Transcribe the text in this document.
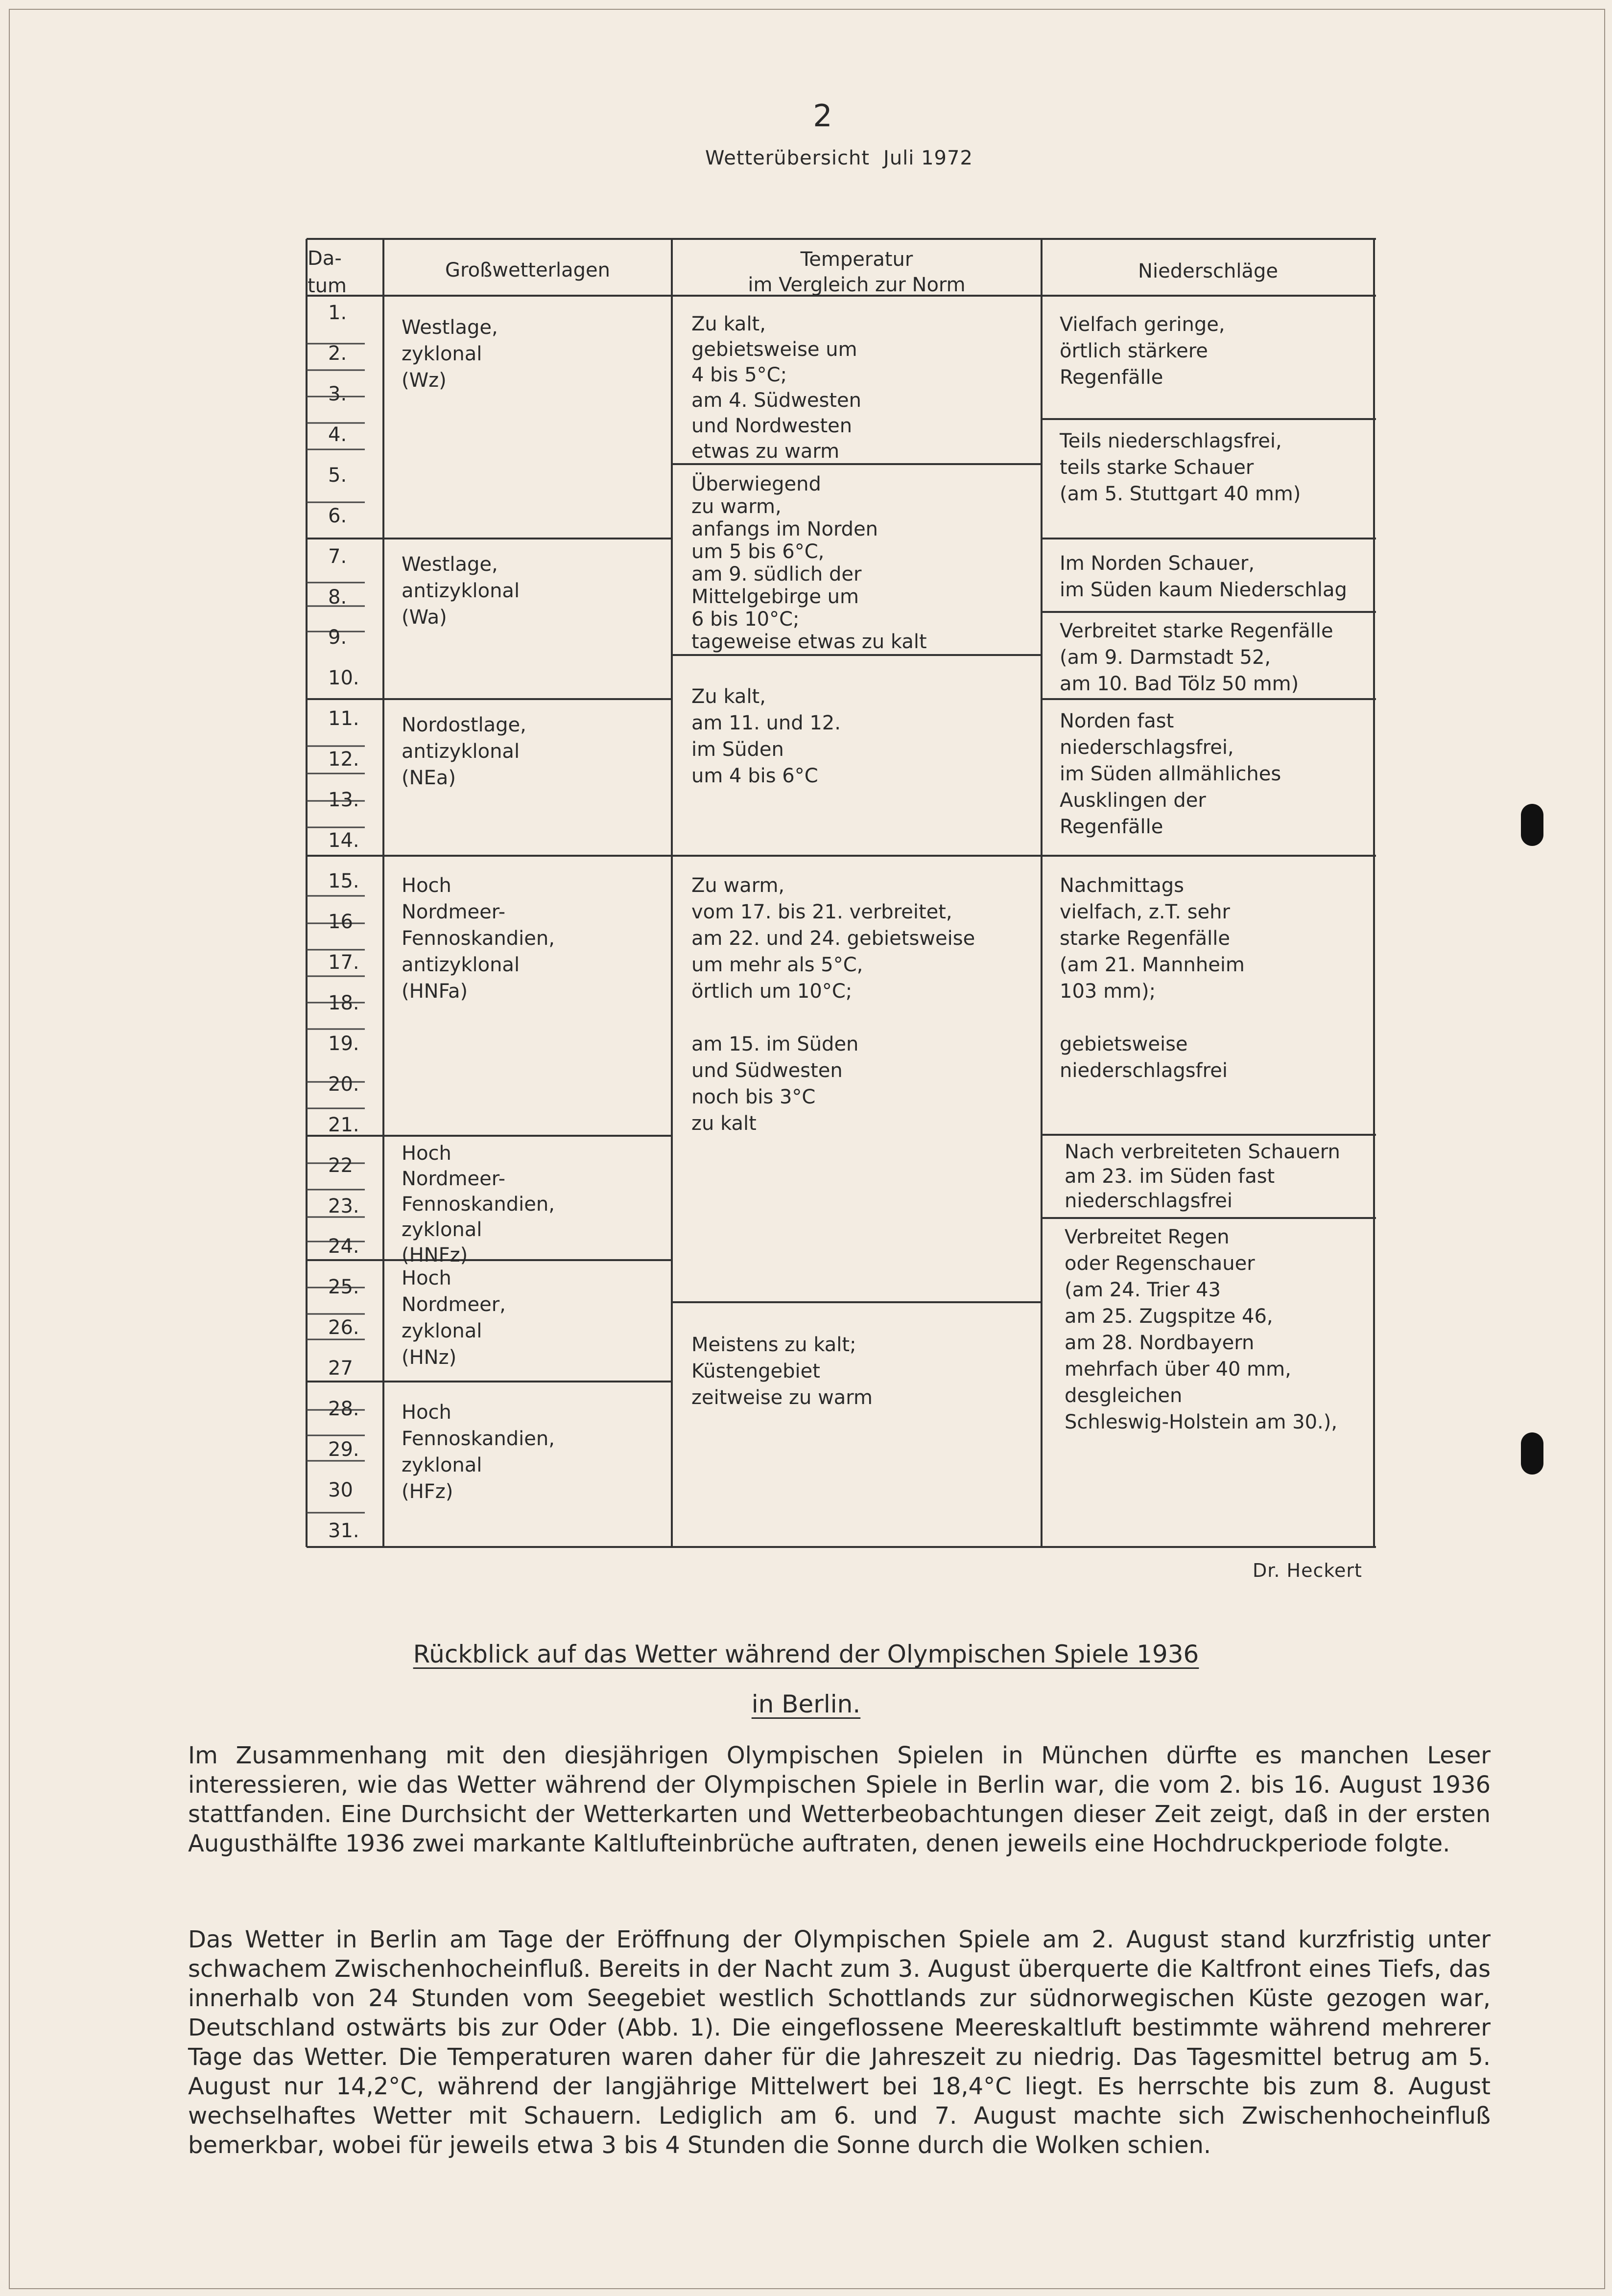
2
Wetterübersicht Juli 1972
Da-
tum
Großwetterlagen	Temperatur
im Vergleich zur Norm
Niederschläge
1.
2.
3.
4.
5.
6.
7.
8.
9.
10.
11.
12.
13.
14.
15.
16
17.
18.
19.
20.
21.
22
23.
24.
25.
26.
27
28.
29.
30
31.
Westlage,
zyklonal
(Wz)
Westlage,
antizyklonal
(Wa)
Nordostlage,
antizyklonal
(NEa)
Hoch
Nordmeer-
Fennoskandien,
antizyklonal
(HNFa)
Hoch
Nordmeer-
Fennoskandien,
zyklonal
(HNFz)
Hoch
Nordmeer,
zyklonal
(HNz)
Hoch
Fennoskandien,
zyklonal
(HFz)
Zu kalt,
gebietsweise um
4 bis 5°C;
am 4. Südwesten
und Nordwesten
etwas zu warm
Überwiegend
zu warm,
anfangs im Norden
um 5 bis 6°C,
am 9. südlich der
Mittelgebirge um
6 bis 10°C;
tageweise etwas zu kalt
Zu kalt,
am 11. und 12.
im Süden
um 4 bis 6°C
Zu warm,
vom 17. bis 21. verbreitet,
am 22. und 24. gebietsweise
um mehr als 5°C,
örtlich um 10°C;

am 15. im Süden
und Südwesten
noch bis 3°C
zu kalt
Meistens zu kalt;
Küstengebiet
zeitweise zu warm
Vielfach geringe,
örtlich stärkere
Regenfälle
Teils niederschlagsfrei,
teils starke Schauer
(am 5. Stuttgart 40 mm)
Im Norden Schauer,
im Süden kaum Niederschlag
Verbreitet starke Regenfälle
(am 9. Darmstadt 52,
am 10. Bad Tölz 50 mm)
Norden fast
niederschlagsfrei,
im Süden allmähliches
Ausklingen der
Regenfälle
Nachmittags
vielfach, z.T. sehr
starke Regenfälle
(am 21. Mannheim
103 mm);

gebietsweise
niederschlagsfrei
Nach verbreiteten Schauern
am 23. im Süden fast
niederschlagsfrei
Verbreitet Regen
oder Regenschauer
(am 24. Trier 43
am 25. Zugspitze 46,
am 28. Nordbayern
mehrfach über 40 mm,
desgleichen
Schleswig-Holstein am 30.),
Dr. Heckert
Rückblick auf das Wetter während der Olympischen Spiele 1936
in Berlin.
Im Zusammenhang mit den diesjährigen Olympischen Spielen in München dürfte es manchen Leser interessieren, wie das Wetter während der Olympischen Spiele in Berlin war, die vom 2. bis 16. August 1936 stattfanden. Eine Durchsicht der Wetterkarten und Wetterbeobachtungen dieser Zeit zeigt, daß in der ersten Augusthälfte 1936 zwei markante Kaltlufteinbrüche auftraten, denen jeweils eine Hochdruckperiode folgte.
Das Wetter in Berlin am Tage der Eröffnung der Olympischen Spiele am 2. August stand kurzfristig unter schwachem Zwischenhocheinfluß. Bereits in der Nacht zum 3. August überquerte die Kaltfront eines Tiefs, das innerhalb von 24 Stunden vom Seegebiet westlich Schottlands zur südnorwegischen Küste gezogen war, Deutschland ostwärts bis zur Oder (Abb. 1). Die eingeflossene Meereskaltluft bestimmte während mehrerer Tage das Wetter. Die Temperaturen waren daher für die Jahreszeit zu niedrig. Das Tagesmittel betrug am 5. August nur 14,2°C, während der langjährige Mittelwert bei 18,4°C liegt. Es herrschte bis zum 8. August wechselhaftes Wetter mit Schauern. Lediglich am 6. und 7. August machte sich Zwischenhocheinfluß bemerkbar, wobei für jeweils etwa 3 bis 4 Stunden die Sonne durch die Wolken schien.
